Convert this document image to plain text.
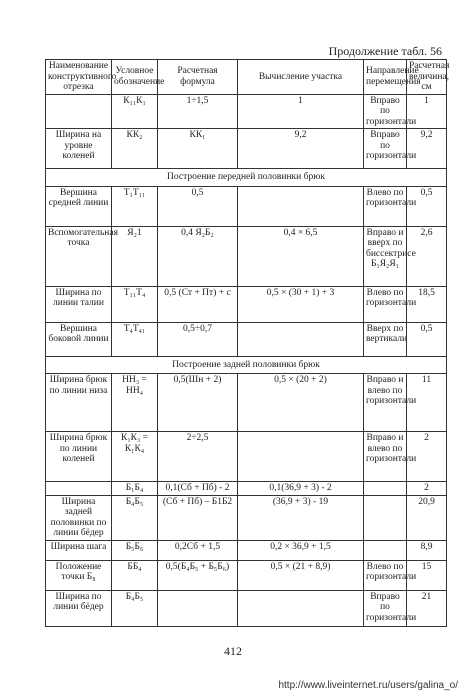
Продолжение табл. 56
Наименование конструктивного отрезка	Условное обозначение	Расчетная формула	Вычисление участка	Направление перемещения	Расчетная величина, см
	К₁₁К₁	1÷1,5	1	Вправо по горизонтали	1
Ширина на уровне коленей	КК₂	КК₁	9,2	Вправо по горизонтали	9,2
Построение передней половинки брюк					
Вершина средней линии	Т₁Т₁₁	0,5		Влево по горизонтали	0,5
Вспомогательная точка	Я₂1	0,4 Я₂Б₂	0,4 × 6,5	Вправо и вверх по биссектрисе Б₁Я₂Я₁	2,6
Ширина по линии талии	Т₁₁Т₄	0,5 (Ст + Пт) + с	0,5 × (30 + 1) + 3	Влево по горизонтали	18,5
Вершина боковой линии	Т₄Т₄₁	0,5÷0,7		Вверх по вертикали	0,5
Построение задней половинки брюк					
Ширина брюк по линии низа	НН₃ = НН₄	0,5(Шн + 2)	0,5 × (20 + 2)	Вправо и влево по горизонтали	11
Ширина брюк по линии коленей	К₁К₃ = К₁К₄	2÷2,5		Вправо и влево по горизонтали	2
	Б₁Б₄	0,1(Сб + Пб) - 2	0,1(36,9 + 3) - 2		2
Ширина задней половинки по линии бёдер	Б₄Б₅	(Сб + Пб) – Б1Б2	(36,9 + 3) - 19		20,9
Ширина шага	Б₅Б₆	0,2Сб + 1,5	0,2 × 36,9 + 1,5		8,9
Положение точки Б₈	ББ₄	0,5(Б₄Б₅ + Б₅Б₆)	0,5 × (21 + 8,9)	Влево по горизонтали	15
Ширина по линии бёдер	Б₄Б₅			Вправо по горизонтали	21
412
http://www.liveinternet.ru/users/galina_o/
